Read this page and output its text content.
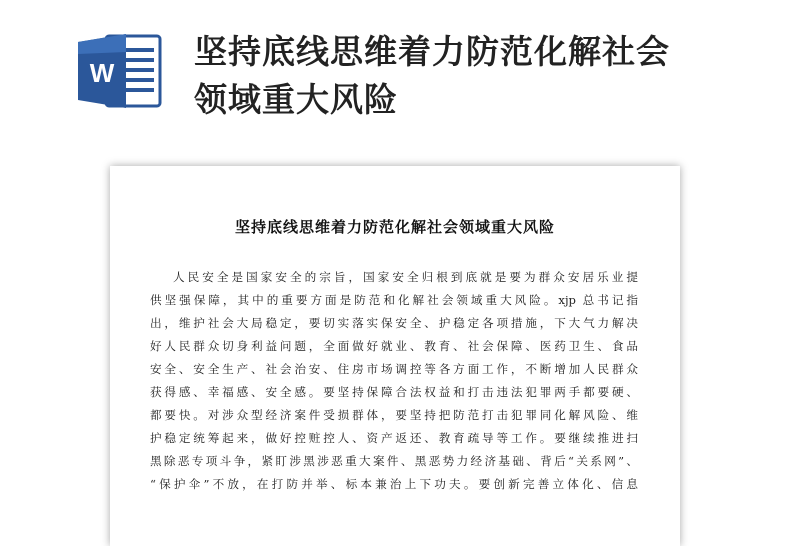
W
坚持底线思维着力防范化解社会
领域重大风险
坚持底线思维着力防范化解社会领域重大风险
人民安全是国家安全的宗旨，国家安全归根到底就是要为群众安居乐业提
供坚强保障，其中的重要方面是防范和化解社会领域重大风险。xjp 总书记指
出，维护社会大局稳定，要切实落实保安全、护稳定各项措施，下大气力解决
好人民群众切身利益问题，全面做好就业、教育、社会保障、医药卫生、食品
安全、安全生产、社会治安、住房市场调控等各方面工作，不断增加人民群众
获得感、幸福感、安全感。要坚持保障合法权益和打击违法犯罪两手都要硬、
都要快。对涉众型经济案件受损群体，要坚持把防范打击犯罪同化解风险、维
护稳定统筹起来，做好控赃控人、资产返还、教育疏导等工作。要继续推进扫
黑除恶专项斗争，紧盯涉黑涉恶重大案件、黑恶势力经济基础、背后“关系网”、
“保护伞”不放，在打防并举、标本兼治上下功夫。要创新完善立体化、信息
